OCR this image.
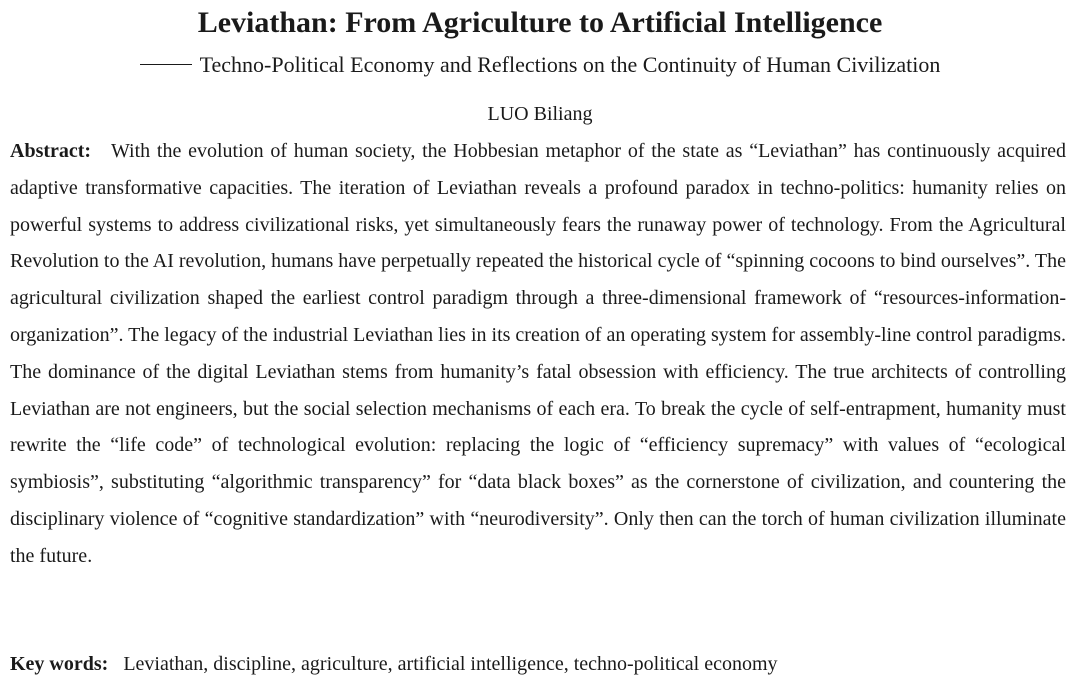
Leviathan: From Agriculture to Artificial Intelligence

Techno-Political Economy and Reflections on the Continuity of Human Civilization

LUO Biliang

Abstract: With the evolution of human society, the Hobbesian metaphor of the state as “Leviathan” has continuously acquired adaptive transformative capacities. The iteration of Leviathan reveals a profound paradox in techno-politics: humanity relies on powerful systems to address civilizational risks, yet simultaneously fears the runaway power of technology. From the Agricultural Revolution to the AI revolution, humans have perpetually repeated the historical cycle of “spinning cocoons to bind ourselves”. The agricultural civilization shaped the earliest control paradigm through a three-dimensional framework of “resources-information-organization”. The legacy of the industrial Leviathan lies in its creation of an operating system for assembly-line control paradigms. The dominance of the digital Leviathan stems from humanity’s fatal obsession with efficiency. The true architects of controlling Leviathan are not engineers, but the social selection mechanisms of each era. To break the cycle of self-entrapment, humanity must rewrite the “life code” of technological evolution: replacing the logic of “efficiency supremacy” with values of “ecological symbiosis”, substituting “algorithmic transparency” for “data black boxes” as the cornerstone of civilization, and countering the disciplinary violence of “cognitive standardization” with “neurodiversity”. Only then can the torch of human civilization illuminate the future.

Key words: Leviathan, discipline, agriculture, artificial intelligence, techno-political economy
